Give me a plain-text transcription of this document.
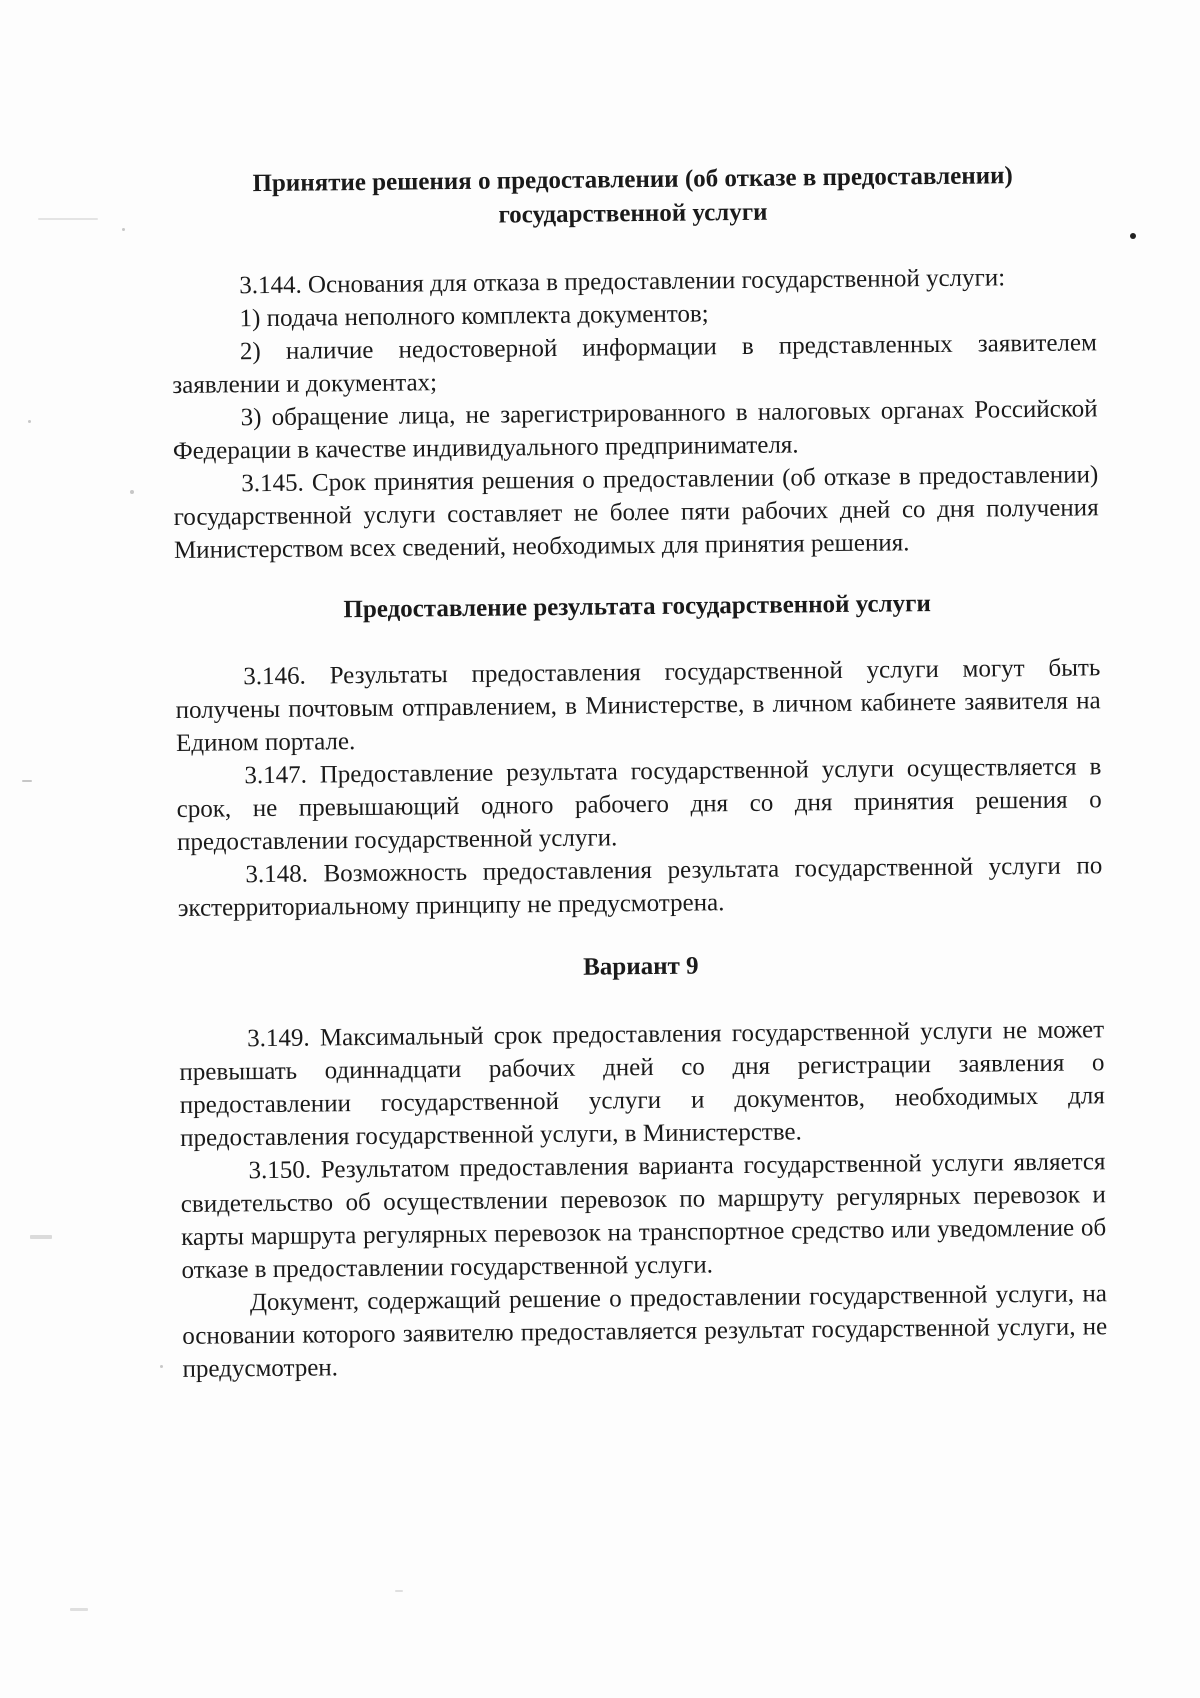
Принятие решения о предоставлении (об отказе в предоставлении) государственной услуги

3.144. Основания для отказа в предоставлении государственной услуги:

1) подача неполного комплекта документов;

2) наличие недостоверной информации в представленных заявителем заявлении и документах;

3) обращение лица, не зарегистрированного в налоговых органах Российской Федерации в качестве индивидуального предпринимателя.

3.145. Срок принятия решения о предоставлении (об отказе в предоставлении) государственной услуги составляет не более пяти рабочих дней со дня получения Министерством всех сведений, необходимых для принятия решения.

Предоставление результата государственной услуги

3.146. Результаты предоставления государственной услуги могут быть получены почтовым отправлением, в Министерстве, в личном кабинете заявителя на Едином портале.

3.147. Предоставление результата государственной услуги осуществляется в срок, не превышающий одного рабочего дня со дня принятия решения о предоставлении государственной услуги.

3.148. Возможность предоставления результата государственной услуги по экстерриториальному принципу не предусмотрена.

Вариант 9

3.149. Максимальный срок предоставления государственной услуги не может превышать одиннадцати рабочих дней со дня регистрации заявления о предоставлении государственной услуги и документов, необходимых для предоставления государственной услуги, в Министерстве.

3.150. Результатом предоставления варианта государственной услуги является свидетельство об осуществлении перевозок по маршруту регулярных перевозок и карты маршрута регулярных перевозок на транспортное средство или уведомление об отказе в предоставлении государственной услуги.

Документ, содержащий решение о предоставлении государственной услуги, на основании которого заявителю предоставляется результат государственной услуги, не предусмотрен.
